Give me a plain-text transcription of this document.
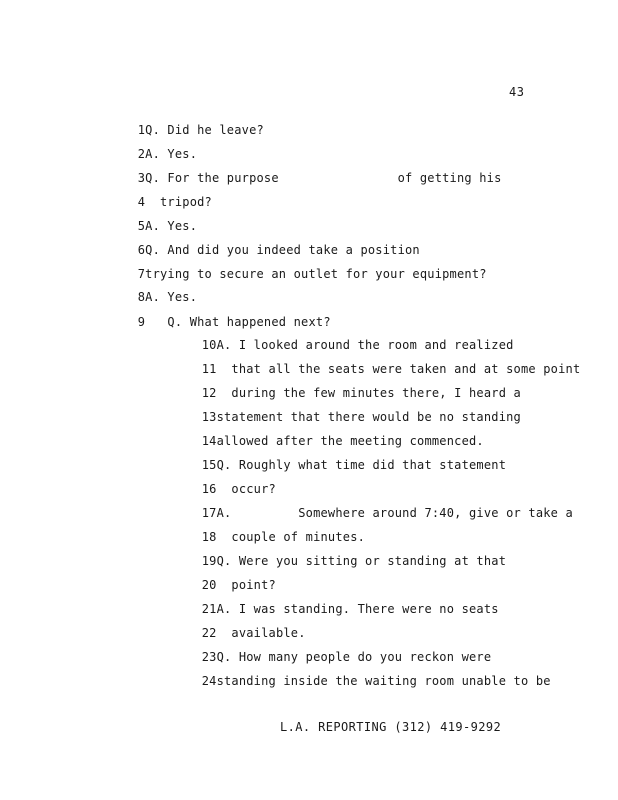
43

1Q. Did he leave?

2A. Yes.

3Q. For the purpose                of getting his

4  tripod?

5A. Yes.

6Q. And did you indeed take a position

7trying to secure an outlet for your equipment?

8A. Yes.

9   Q. What happened next?

10A. I looked around the room and realized

11  that all the seats were taken and at some point

12  during the few minutes there, I heard a

13statement that there would be no standing

14allowed after the meeting commenced.

15Q. Roughly what time did that statement

16  occur?

17A.         Somewhere around 7:40, give or take a

18  couple of minutes.

19Q. Were you sitting or standing at that

20  point?

21A. I was standing. There were no seats

22  available.

23Q. How many people do you reckon were

24standing inside the waiting room unable to be

L.A. REPORTING (312) 419-9292
